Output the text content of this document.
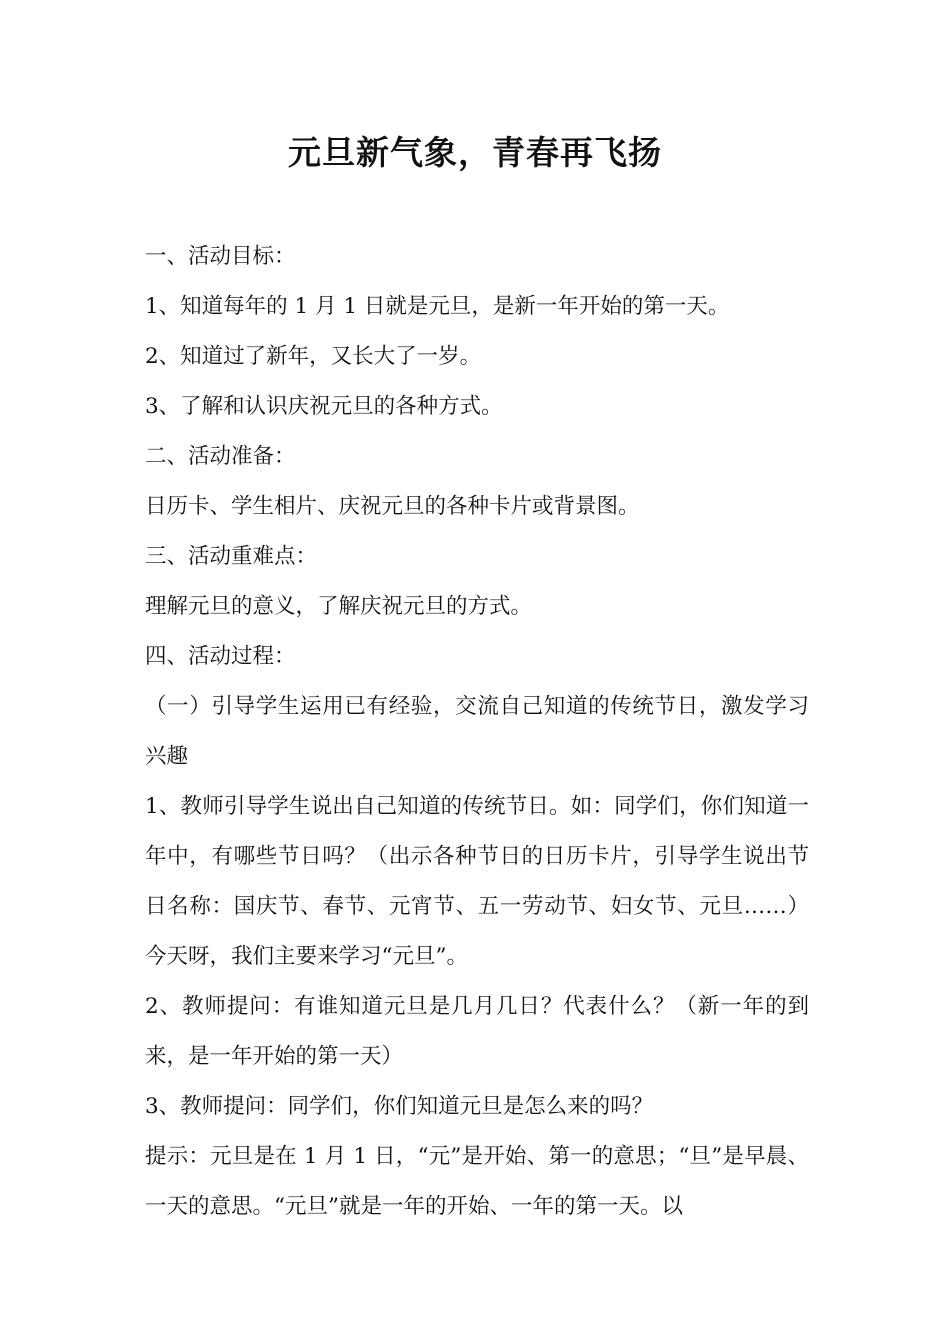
元旦新气象，青春再飞扬
一、活动目标：
1、知道每年的 1 月 1 日就是元旦，是新一年开始的第一天。
2、知道过了新年，又长大了一岁。
3、了解和认识庆祝元旦的各种方式。
二、活动准备：
日历卡、学生相片、庆祝元旦的各种卡片或背景图。
三、活动重难点：
理解元旦的意义，了解庆祝元旦的方式。
四、活动过程：
（一）引导学生运用已有经验，交流自己知道的传统节日，激发学习兴趣
1、教师引导学生说出自己知道的传统节日。如：同学们，你们知道一年中，有哪些节日吗？（出示各种节日的日历卡片，引导学生说出节日名称：国庆节、春节、元宵节、五一劳动节、妇女节、元旦……）今天呀，我们主要来学习“元旦”。
2、教师提问：有谁知道元旦是几月几日？代表什么？（新一年的到来，是一年开始的第一天）
3、教师提问：同学们，你们知道元旦是怎么来的吗？
提示：元旦是在 1 月 1 日，“元”是开始、第一的意思；“旦”是早晨、一天的意思。“元旦”就是一年的开始、一年的第一天。以
